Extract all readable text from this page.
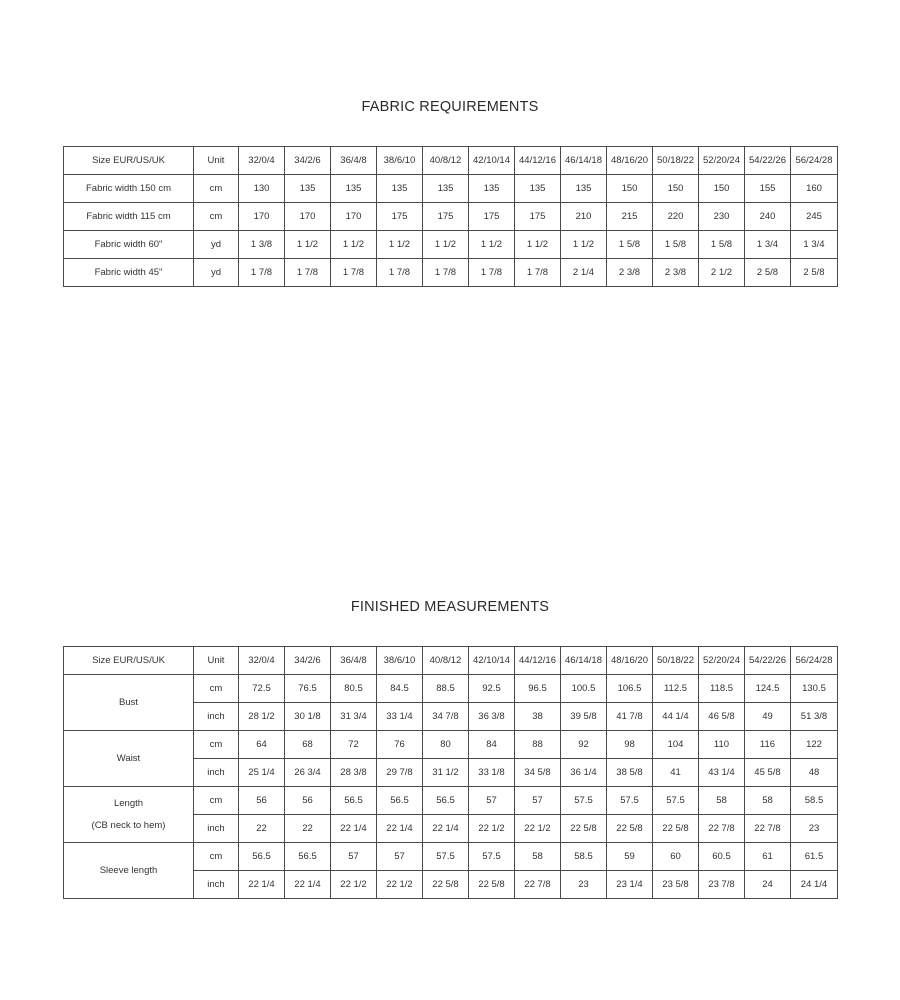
FABRIC REQUIREMENTS
Size EUR/US/UK	Unit	32/0/4	34/2/6	36/4/8	38/6/10	40/8/12	42/10/14	44/12/16	46/14/18	48/16/20	50/18/22	52/20/24	54/22/26	56/24/28
Fabric width 150 cm	cm	130	135	135	135	135	135	135	135	150	150	150	155	160
Fabric width 115 cm	cm	170	170	170	175	175	175	175	210	215	220	230	240	245
Fabric width 60"	yd	1 3/8	1 1/2	1 1/2	1 1/2	1 1/2	1 1/2	1 1/2	1 1/2	1 5/8	1 5/8	1 5/8	1 3/4	1 3/4
Fabric width 45"	yd	1 7/8	1 7/8	1 7/8	1 7/8	1 7/8	1 7/8	1 7/8	2 1/4	2 3/8	2 3/8	2 1/2	2 5/8	2 5/8
FINISHED MEASUREMENTS
Size EUR/US/UK	Unit	32/0/4	34/2/6	36/4/8	38/6/10	40/8/12	42/10/14	44/12/16	46/14/18	48/16/20	50/18/22	52/20/24	54/22/26	56/24/28
Bust	cm	72.5	76.5	80.5	84.5	88.5	92.5	96.5	100.5	106.5	112.5	118.5	124.5	130.5
	inch	28 1/2	30 1/8	31 3/4	33 1/4	34 7/8	36 3/8	38	39 5/8	41 7/8	44 1/4	46 5/8	49	51 3/8
Waist	cm	64	68	72	76	80	84	88	92	98	104	110	116	122
	inch	25 1/4	26 3/4	28 3/8	29 7/8	31 1/2	33 1/8	34 5/8	36 1/4	38 5/8	41	43 1/4	45 5/8	48

Length
(CB neck to hem)	cm	56	56	56.5	56.5	56.5	57	57	57.5	57.5	57.5	58	58	58.5
	inch	22	22	22 1/4	22 1/4	22 1/4	22 1/2	22 1/2	22 5/8	22 5/8	22 5/8	22 7/8	22 7/8	23
Sleeve length	cm	56.5	56.5	57	57	57.5	57.5	58	58.5	59	60	60.5	61	61.5
	inch	22 1/4	22 1/4	22 1/2	22 1/2	22 5/8	22 5/8	22 7/8	23	23 1/4	23 5/8	23 7/8	24	24 1/4
